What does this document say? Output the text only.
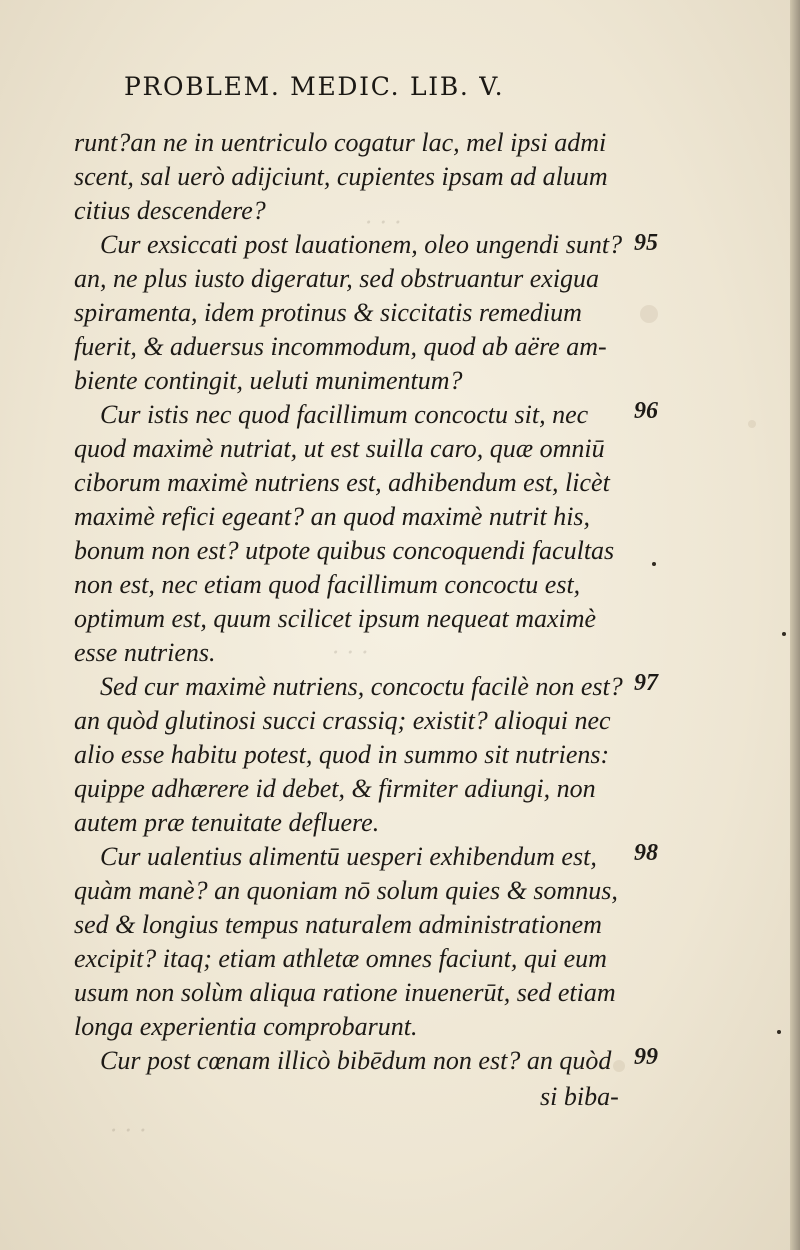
· · ·
· · ·
· · ·
PROBLEM. MEDIC. LIB. V.
runt?an ne in uentriculo cogatur lac, mel ipsi admi
scent, sal uerò adijciunt, cupientes ipsam ad aluum
citius descendere?
Cur exsiccati post lauationem, oleo ungendi sunt?
an, ne plus iusto digeratur, sed obstruantur exigua
spiramenta, idem protinus & siccitatis remedium
fuerit, & aduersus incommodum, quod ab aëre am-
biente contingit, ueluti munimentum?
Cur istis nec quod facillimum concoctu sit, nec
quod maximè nutriat, ut est suilla caro, quæ omniū
ciborum maximè nutriens est, adhibendum est, licèt
maximè refici egeant? an quod maximè nutrit his,
bonum non est? utpote quibus concoquendi facultas
non est, nec etiam quod facillimum concoctu est,
optimum est, quum scilicet ipsum nequeat maximè
esse nutriens.
Sed cur maximè nutriens, concoctu facilè non est?
an quòd glutinosi succi crassiq; existit? alioqui nec
alio esse habitu potest, quod in summo sit nutriens:
quippe adhærere id debet, & firmiter adiungi, non
autem præ tenuitate defluere.
Cur ualentius alimentū uesperi exhibendum est,
quàm manè? an quoniam nō solum quies & somnus,
sed & longius tempus naturalem administrationem
excipit? itaq; etiam athletæ omnes faciunt, qui eum
usum non solùm aliqua ratione inuenerūt, sed etiam
longa experientia comprobarunt.
Cur post cœnam illicò bibēdum non est? an quòd
si biba-
95
96
97
98
99
